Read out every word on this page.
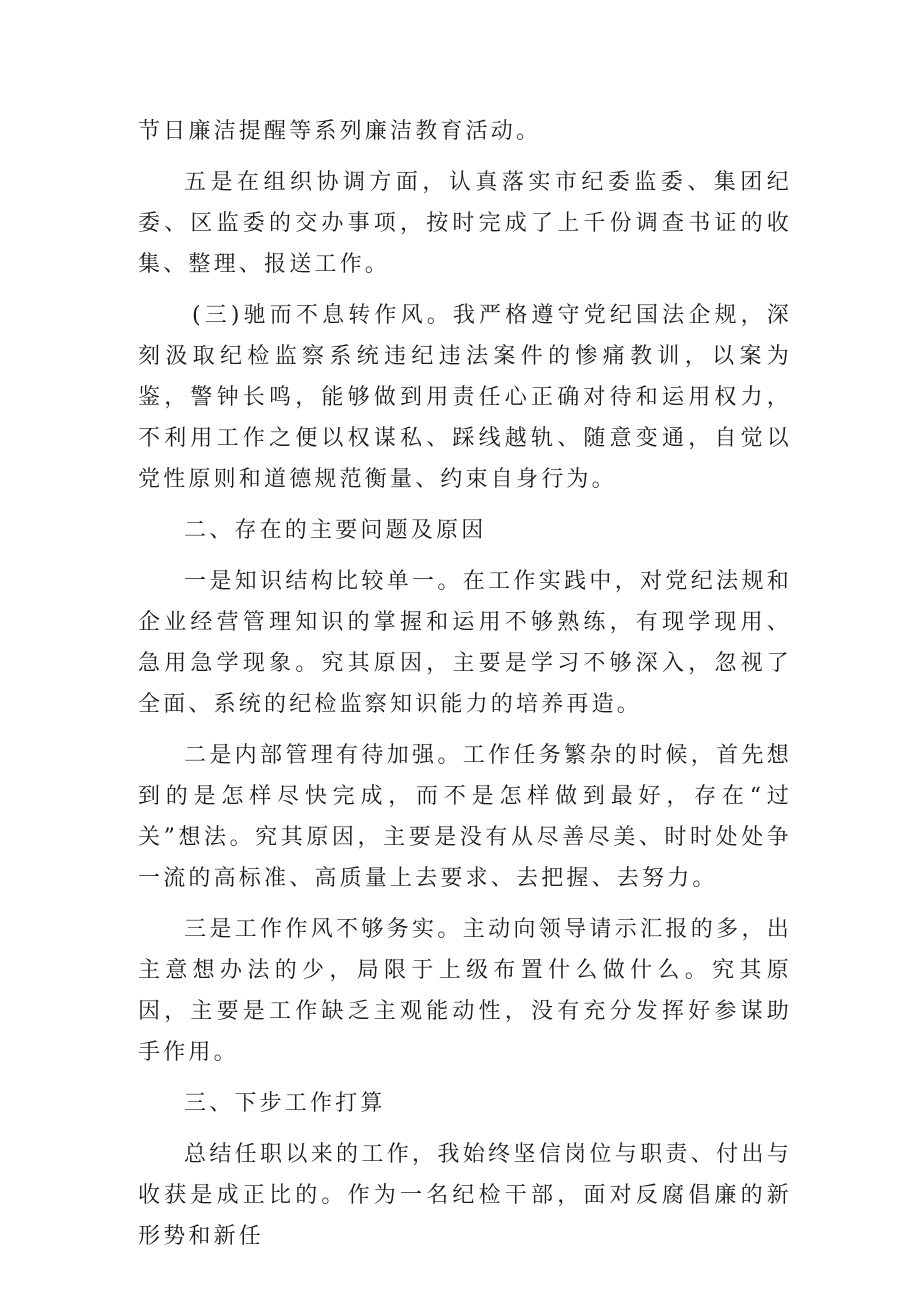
节日廉洁提醒等系列廉洁教育活动。

五是在组织协调方面，认真落实市纪委监委、集团纪委、区监委的交办事项，按时完成了上千份调查书证的收集、整理、报送工作。

(三)驰而不息转作风。我严格遵守党纪国法企规，深刻汲取纪检监察系统违纪违法案件的惨痛教训，以案为鉴，警钟长鸣，能够做到用责任心正确对待和运用权力，不利用工作之便以权谋私、踩线越轨、随意变通，自觉以党性原则和道德规范衡量、约束自身行为。

二、存在的主要问题及原因

一是知识结构比较单一。在工作实践中，对党纪法规和企业经营管理知识的掌握和运用不够熟练，有现学现用、急用急学现象。究其原因，主要是学习不够深入，忽视了全面、系统的纪检监察知识能力的培养再造。

二是内部管理有待加强。工作任务繁杂的时候，首先想到的是怎样尽快完成，而不是怎样做到最好，存在“过关”想法。究其原因，主要是没有从尽善尽美、时时处处争一流的高标准、高质量上去要求、去把握、去努力。

三是工作作风不够务实。主动向领导请示汇报的多，出主意想办法的少，局限于上级布置什么做什么。究其原因，主要是工作缺乏主观能动性，没有充分发挥好参谋助手作用。

三、下步工作打算

总结任职以来的工作，我始终坚信岗位与职责、付出与收获是成正比的。作为一名纪检干部，面对反腐倡廉的新形势和新任
